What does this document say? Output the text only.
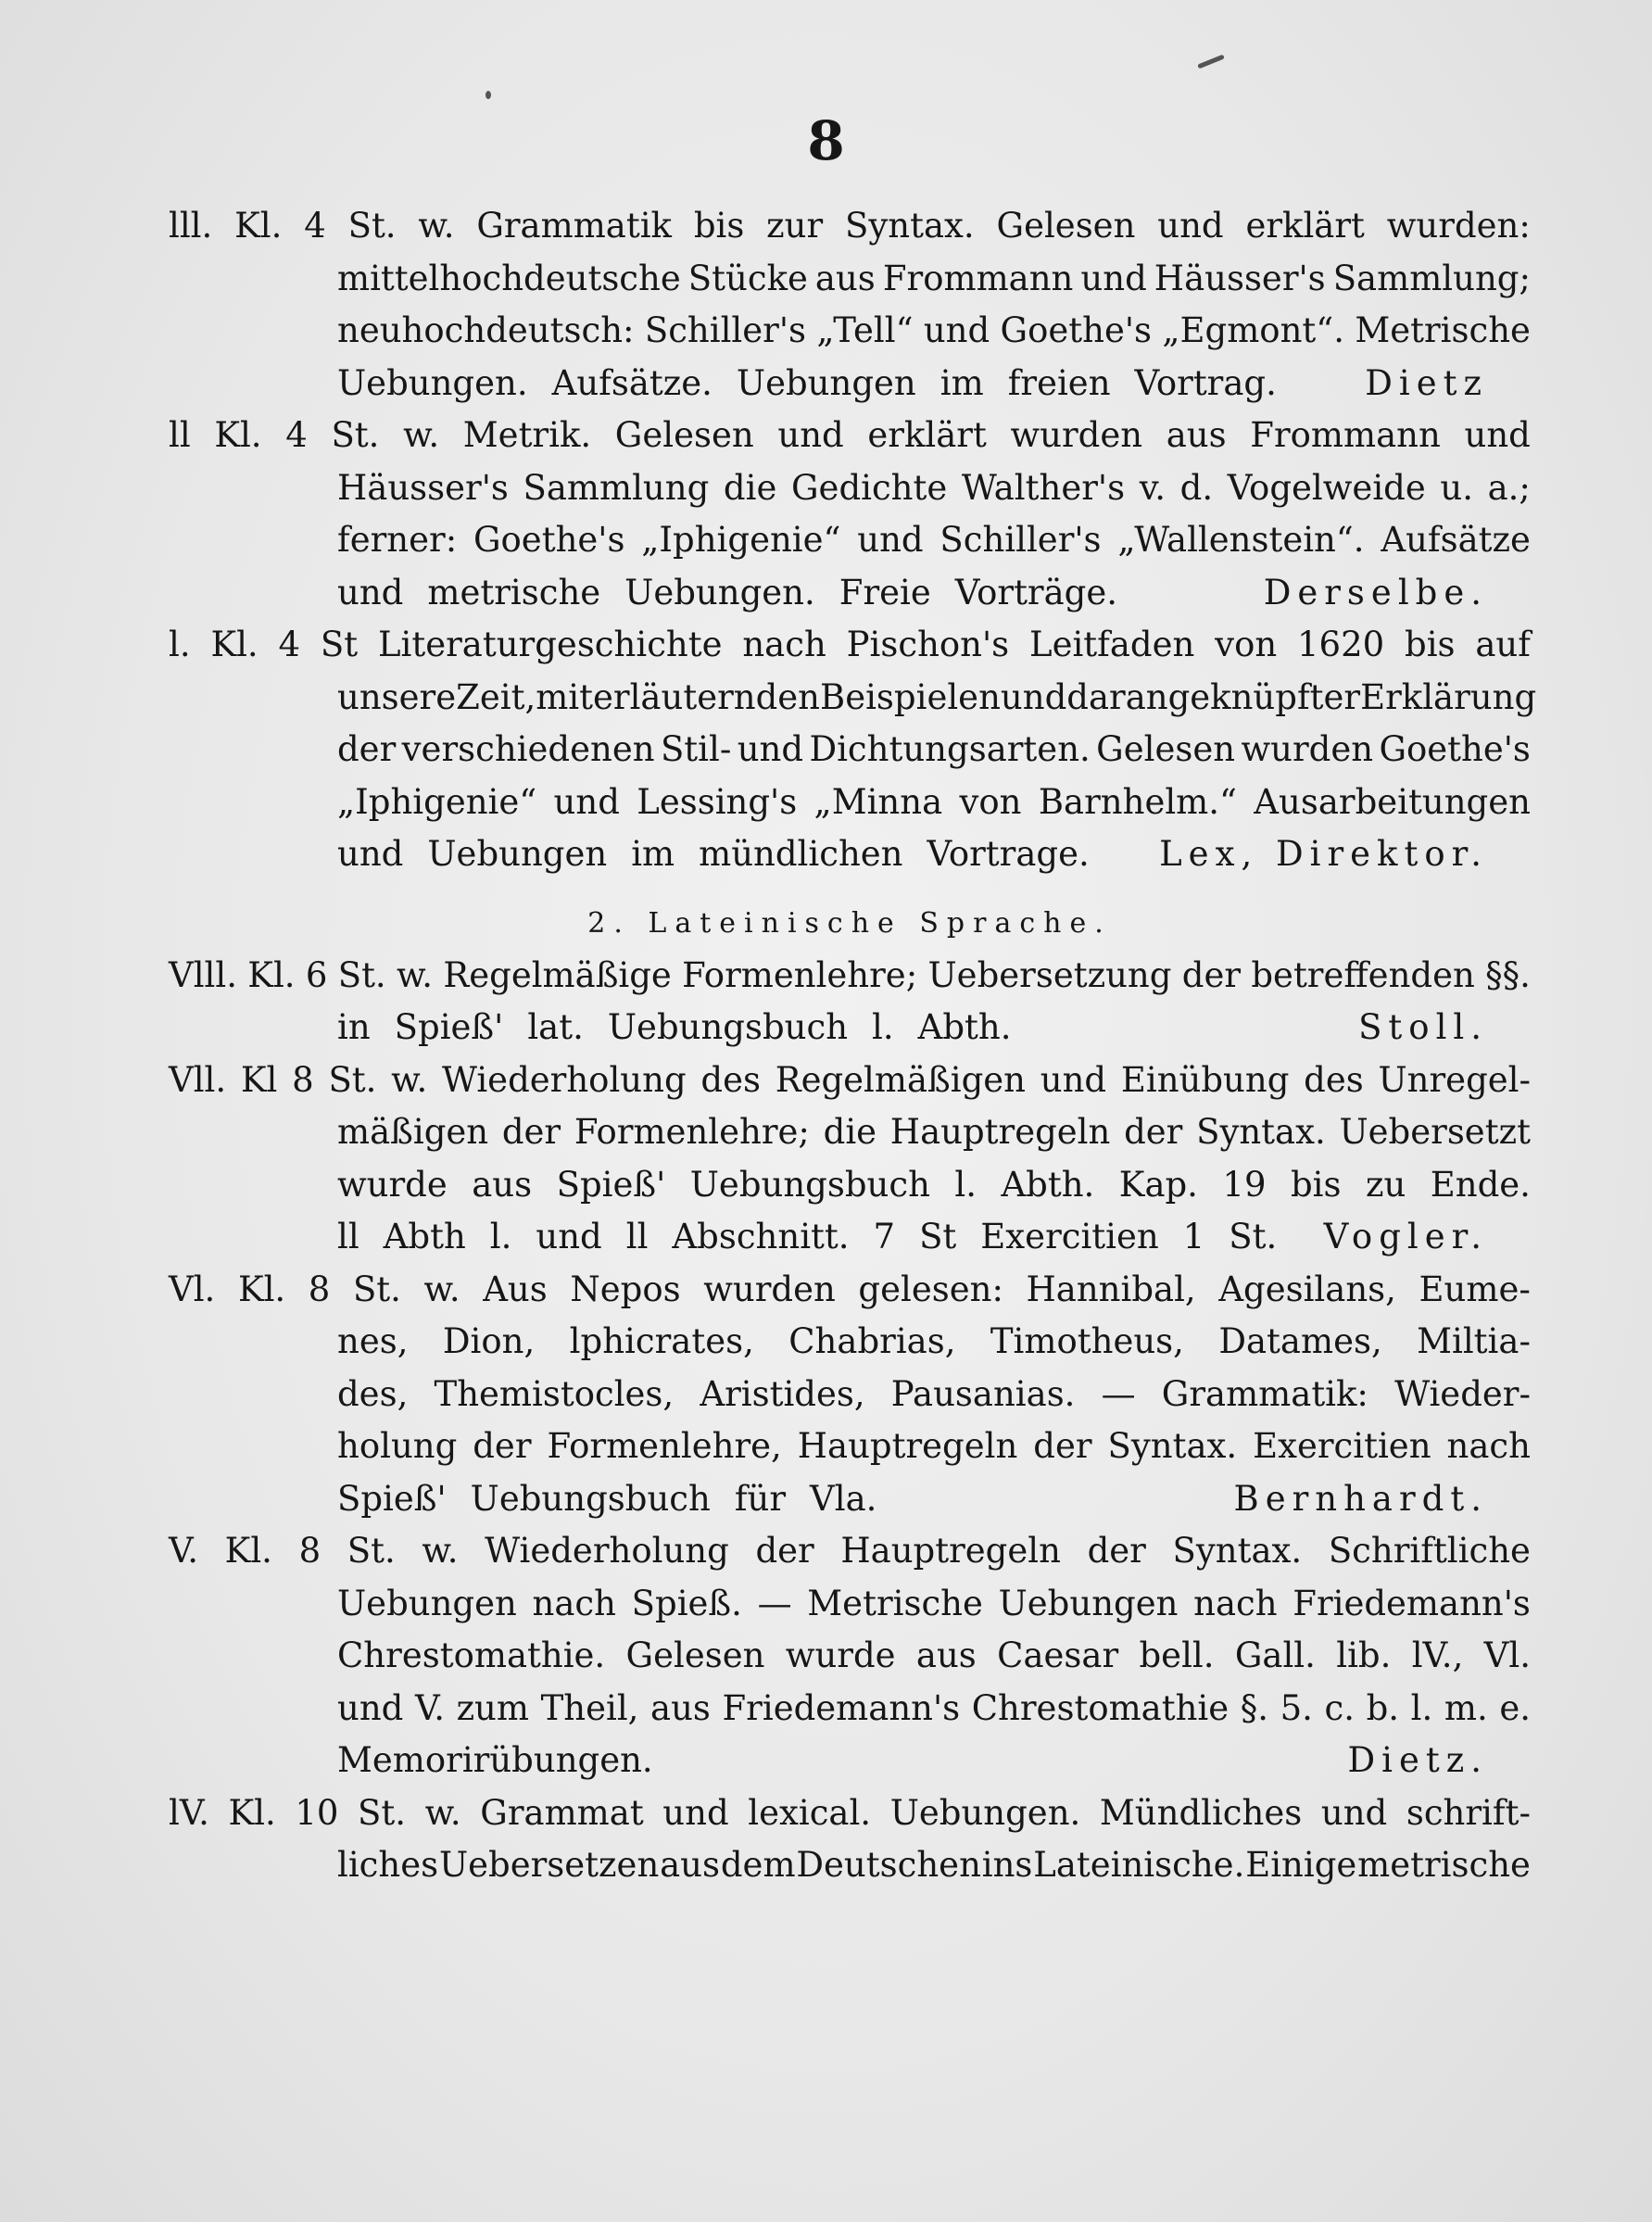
8
lll. Kl. 4 St. w. Grammatik bis zur Syntax. Gelesen und erklärt wurden:
mittelhochdeutsche Stücke aus Frommann und Häusser's Sammlung;
neuhochdeutsch: Schiller's „Tell“ und Goethe's „Egmont“. Metrische
Uebungen. Aufsätze. Uebungen im freien Vortrag.	Dietz
ll Kl. 4 St. w. Metrik. Gelesen und erklärt wurden aus Frommann und
Häusser's Sammlung die Gedichte Walther's v. d. Vogelweide u. a.;
ferner: Goethe's „Iphigenie“ und Schiller's „Wallenstein“. Aufsätze
und metrische Uebungen. Freie Vorträge.	Derselbe.
l. Kl. 4 St Literaturgeschichte nach Pischon's Leitfaden von 1620 bis auf
unsere Zeit, mit erläuternden Beispielen und daran geknüpfter Erklärung
der verschiedenen Stil- und Dichtungsarten. Gelesen wurden Goethe's
„Iphigenie“ und Lessing's „Minna von Barnhelm.“ Ausarbeitungen
und Uebungen im mündlichen Vortrage. Lex, Direktor.
2. Lateinische Sprache.
Vlll. Kl. 6 St. w. Regelmäßige Formenlehre; Uebersetzung der betreffenden §§.
in Spieß' lat. Uebungsbuch l. Abth.	Stoll.
Vll. Kl 8 St. w. Wiederholung des Regelmäßigen und Einübung des Unregel-
mäßigen der Formenlehre; die Hauptregeln der Syntax. Uebersetzt
wurde aus Spieß' Uebungsbuch l. Abth. Kap. 19 bis zu Ende.
ll Abth l. und ll Abschnitt. 7 St Exercitien 1 St. Vogler.
Vl. Kl. 8 St. w. Aus Nepos wurden gelesen: Hannibal, Agesilans, Eume-
nes, Dion, lphicrates, Chabrias, Timotheus, Datames, Miltia-
des, Themistocles, Aristides, Pausanias. — Grammatik: Wieder-
holung der Formenlehre, Hauptregeln der Syntax. Exercitien nach
Spieß' Uebungsbuch für Vla.	Bernhardt.
V. Kl. 8 St. w. Wiederholung der Hauptregeln der Syntax. Schriftliche
Uebungen nach Spieß. — Metrische Uebungen nach Friedemann's
Chrestomathie. Gelesen wurde aus Caesar bell. Gall. lib. lV., Vl.
und V. zum Theil, aus Friedemann's Chrestomathie §. 5. c. b. l. m. e.
Memorirübungen.	Dietz.
lV. Kl. 10 St. w. Grammat und lexical. Uebungen. Mündliches und schrift-
liches Uebersetzen aus dem Deutschen ins Lateinische. Einige metrische
